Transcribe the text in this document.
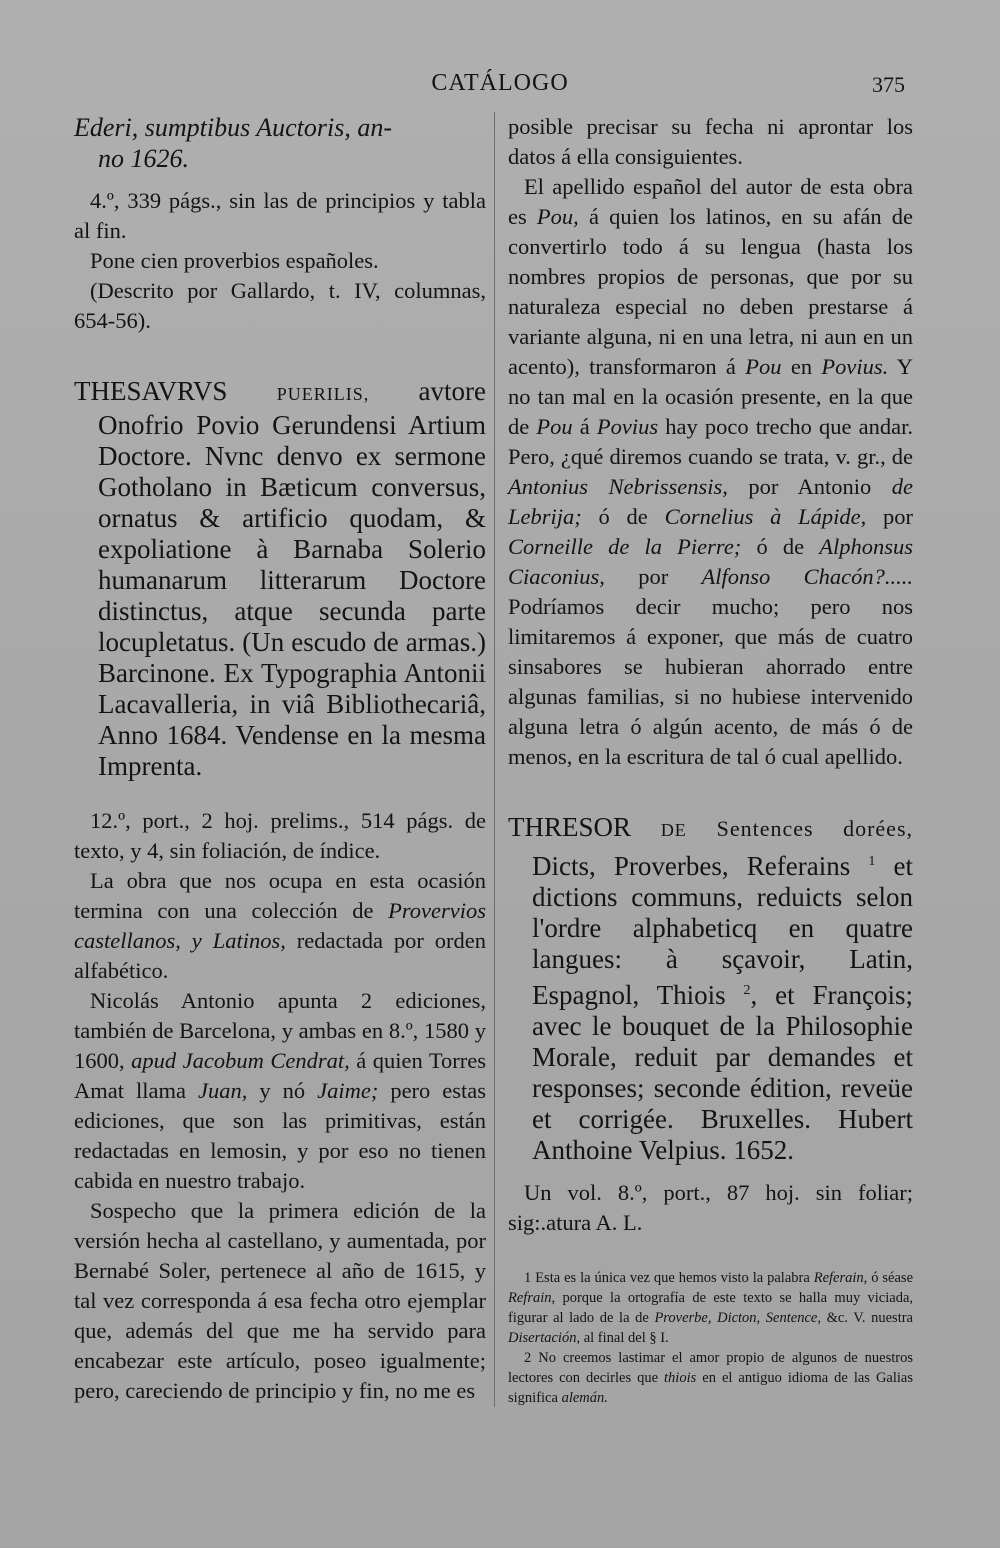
CATÁLOGO	375

Ederi, sumptibus Auctoris, an-
no 1626.

4.º, 339 págs., sin las de principios y tabla al fin.

Pone cien proverbios españoles.

(Descrito por Gallardo, t. IV, columnas, 654-56).

THESAVRVS	PUERILIS, avtore Onofrio Povio Gerundensi Artium Doctore. Nvnc denvo ex sermone Gotholano in Bæticum conversus, ornatus & artificio quodam, & expoliatione à Barnaba Solerio humanarum litterarum Doctore distinctus, atque secunda parte locupletatus. (Un escudo de armas.) Barcinone. Ex Typographia Antonii Lacavalleria, in viâ Bibliothecariâ, Anno 1684. Vendense en la mesma Imprenta.

12.º, port., 2 hoj. prelims., 514 págs. de texto, y 4, sin foliación, de índice.

La obra que nos ocupa en esta ocasión termina con una colección de Provervios castellanos, y Latinos, redactada por orden alfabético.

Nicolás Antonio apunta 2 ediciones, también de Barcelona, y ambas en 8.º, 1580 y 1600, apud Jacobum Cendrat, á quien Torres Amat llama Juan, y nó Jaime; pero estas ediciones, que son las primitivas, están redactadas en lemosin, y por eso no tienen cabida en nuestro trabajo.

Sospecho que la primera edición de la versión hecha al castellano, y aumentada, por Bernabé Soler, pertenece al año de 1615, y tal vez corresponda á esa fecha otro ejemplar que, además del que me ha servido para encabezar este artículo, poseo igualmente; pero, careciendo de principio y fin, no me es

posible precisar su fecha ni aprontar los datos á ella consiguientes.

El apellido español del autor de esta obra es Pou, á quien los latinos, en su afán de convertirlo todo á su lengua (hasta los nombres propios de personas, que por su naturaleza especial no deben prestarse á variante alguna, ni en una letra, ni aun en un acento), transformaron á Pou en Povius. Y no tan mal en la ocasión presente, en la que de Pou á Povius hay poco trecho que andar. Pero, ¿qué diremos cuando se trata, v. gr., de Antonius Nebrissensis, por Antonio de Lebrija; ó de Cornelius à Lápide, por Corneille de la Pierre; ó de Alphonsus Ciaconius, por Alfonso Chacón?..... Podríamos decir mucho; pero nos limitaremos á exponer, que más de cuatro sinsabores se hubieran ahorrado entre algunas familias, si no hubiese intervenido alguna letra ó algún acento, de más ó de menos, en la escritura de tal ó cual apellido.

THRESOR DE Sentences dorées, Dicts, Proverbes, Referains $^1$ et dictions communs, reduicts selon l'ordre alphabeticq en quatre langues: à sçavoir, Latin, Espagnol, Thiois $^2$, et François; avec le bouquet de la Philosophie Morale, reduit par demandes et responses; seconde édition, reveüe et corrigée. Bruxelles. Hubert Anthoine Velpius. 1652.

Un vol. 8.º, port., 87 hoj. sin foliar; sig:.atura A. L.

1 Esta es la única vez que hemos visto la palabra Referain, ó séase Refrain, porque la ortografía de este texto se halla muy viciada, figurar al lado de la de Proverbe, Dicton, Sentence, &c. V. nuestra Disertación, al final del § I.

2 No creemos lastimar el amor propio de algunos de nuestros lectores con decirles que thiois en el antiguo idioma de las Galias significa alemán.
